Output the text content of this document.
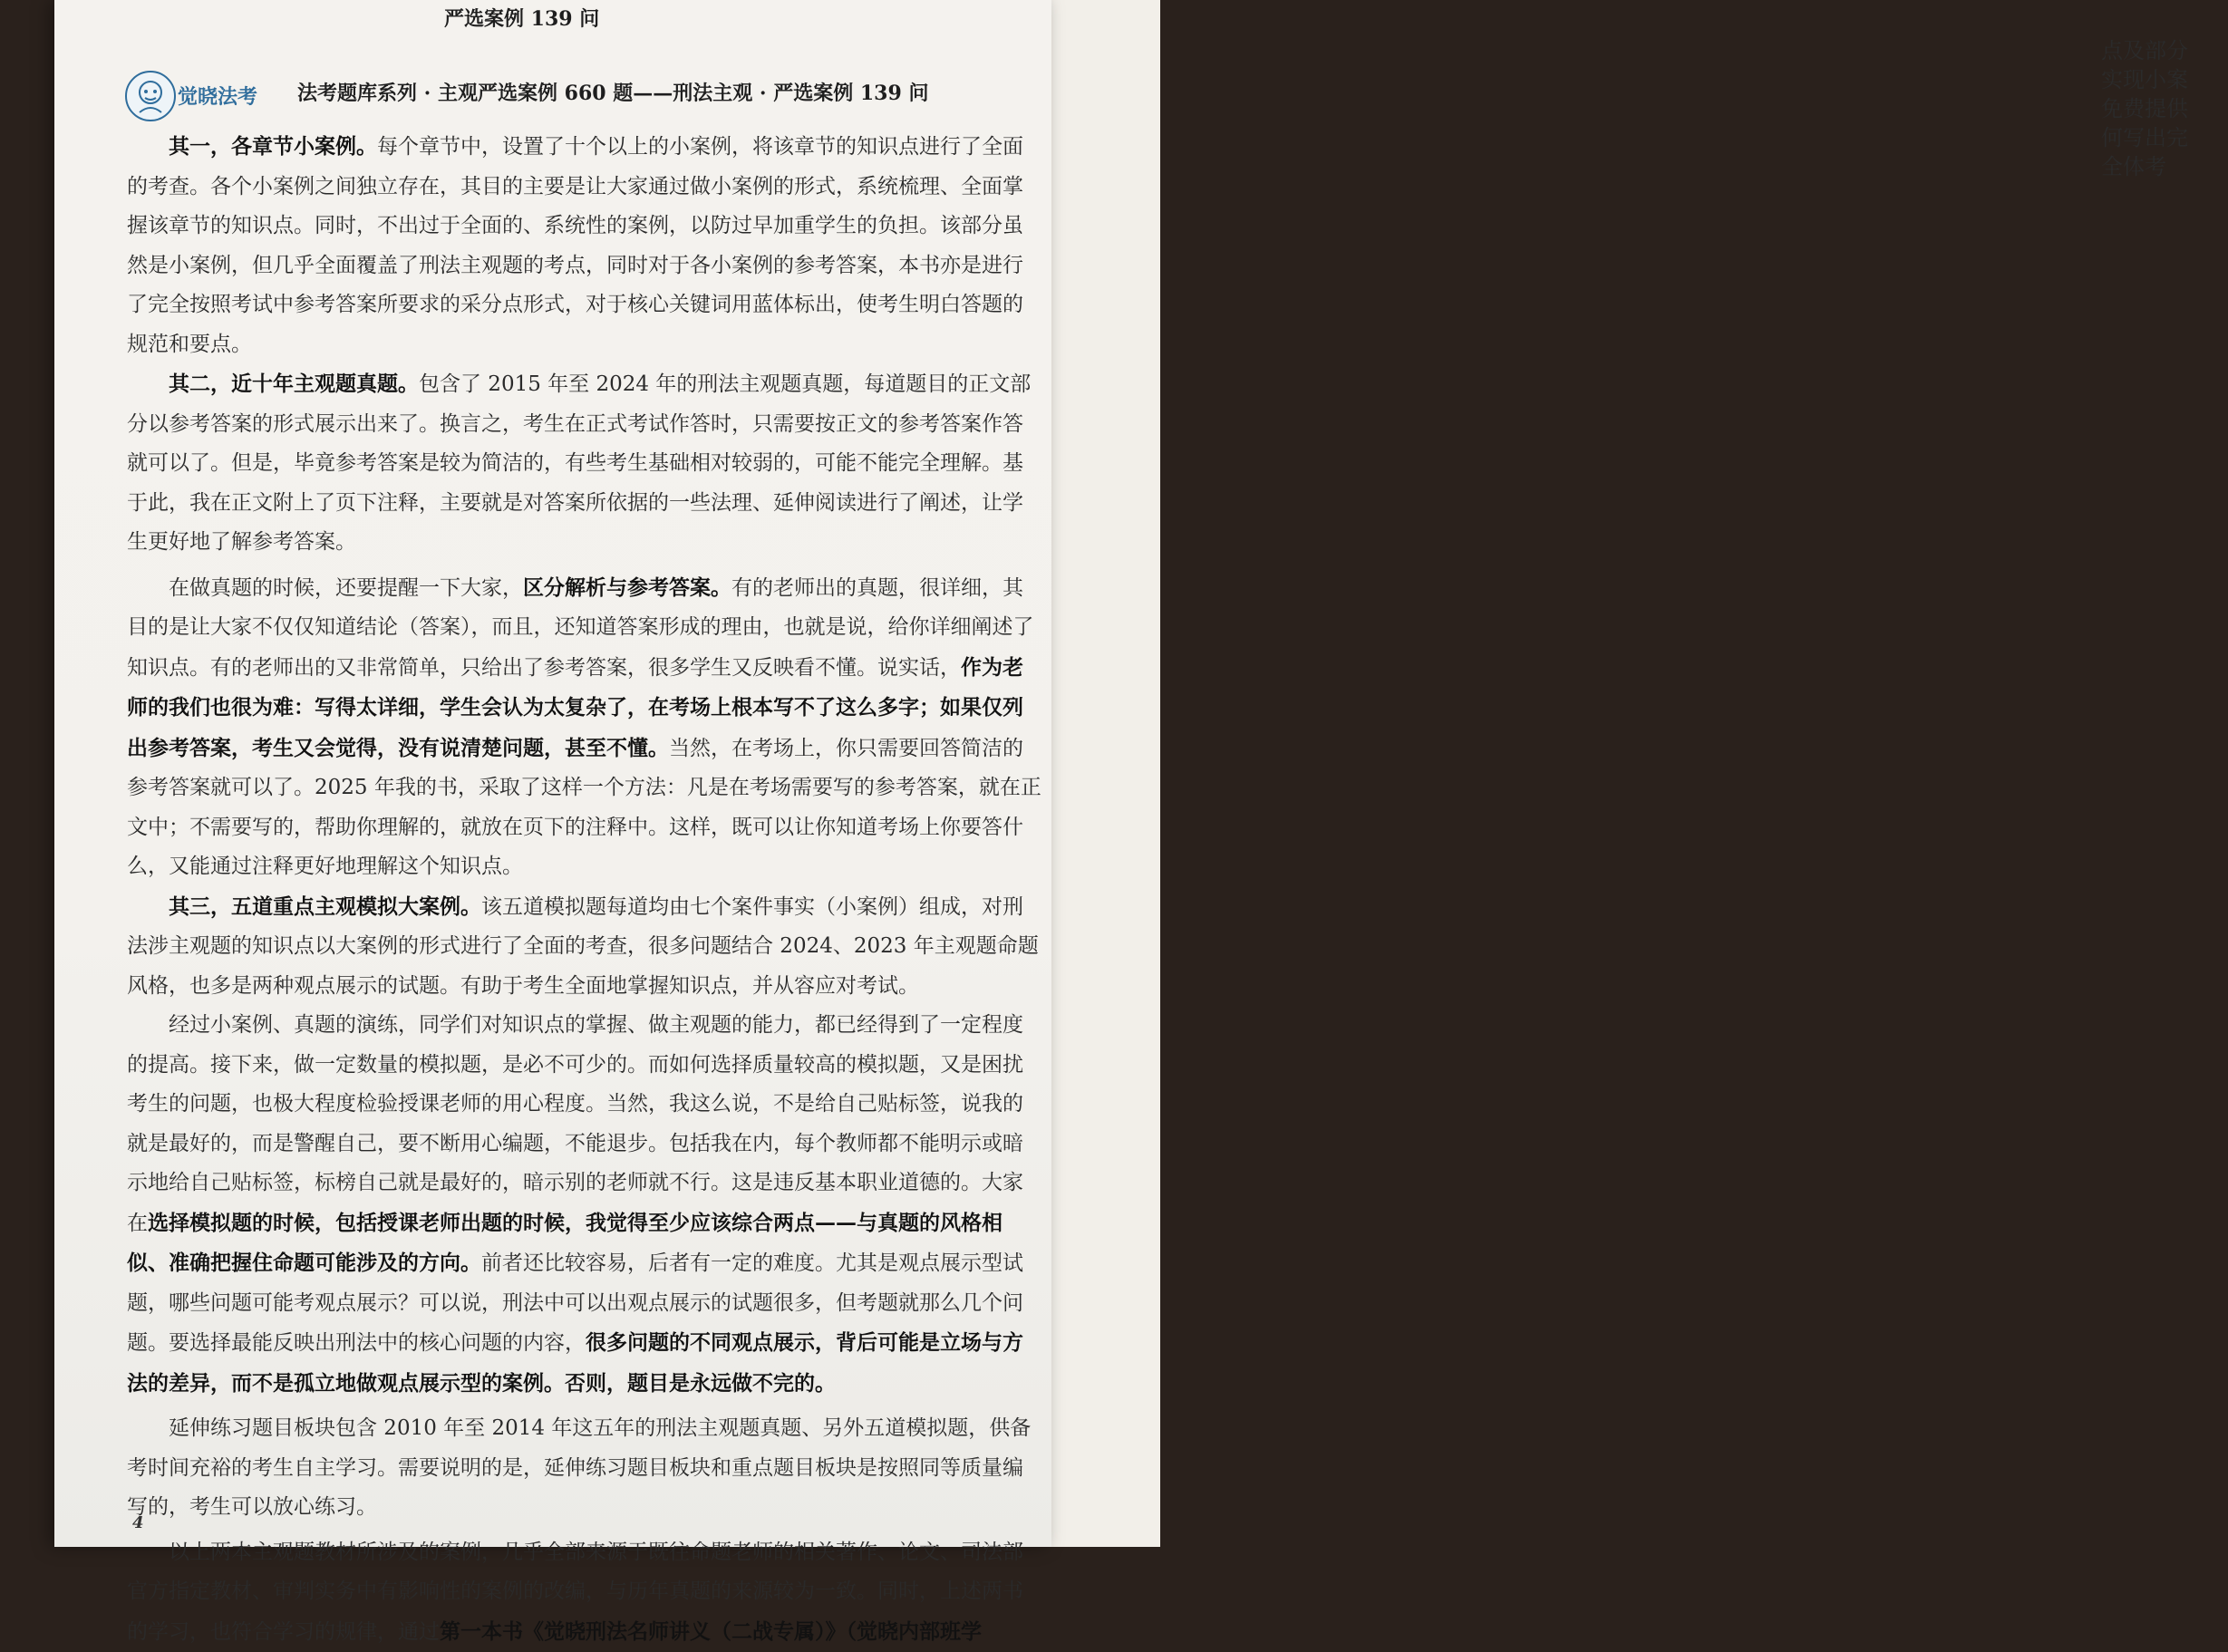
点及部分
实现小案
免费提供
何写出完
全体考
严选案例 139 问
觉晓法考 法考题库系列 · 主观严选案例 660 题——刑法主观 · 严选案例 139 问

其一，各章节小案例。每个章节中，设置了十个以上的小案例，将该章节的知识点进行了全面的考查。各个小案例之间独立存在，其目的主要是让大家通过做小案例的形式，系统梳理、全面掌握该章节的知识点。同时，不出过于全面的、系统性的案例，以防过早加重学生的负担。该部分虽然是小案例，但几乎全面覆盖了刑法主观题的考点，同时对于各小案例的参考答案，本书亦是进行了完全按照考试中参考答案所要求的采分点形式，对于核心关键词用蓝体标出，使考生明白答题的规范和要点。

其二，近十年主观题真题。包含了 2015 年至 2024 年的刑法主观题真题，每道题目的正文部分以参考答案的形式展示出来了。换言之，考生在正式考试作答时，只需要按正文的参考答案作答就可以了。但是，毕竟参考答案是较为简洁的，有些考生基础相对较弱的，可能不能完全理解。基于此，我在正文附上了页下注释，主要就是对答案所依据的一些法理、延伸阅读进行了阐述，让学生更好地了解参考答案。

在做真题的时候，还要提醒一下大家，区分解析与参考答案。有的老师出的真题，很详细，其目的是让大家不仅仅知道结论（答案），而且，还知道答案形成的理由，也就是说，给你详细阐述了知识点。有的老师出的又非常简单，只给出了参考答案，很多学生又反映看不懂。说实话，作为老师的我们也很为难：写得太详细，学生会认为太复杂了，在考场上根本写不了这么多字；如果仅列出参考答案，考生又会觉得，没有说清楚问题，甚至不懂。当然，在考场上，你只需要回答简洁的参考答案就可以了。2025 年我的书，采取了这样一个方法：凡是在考场需要写的参考答案，就在正文中；不需要写的，帮助你理解的，就放在页下的注释中。这样，既可以让你知道考场上你要答什么，又能通过注释更好地理解这个知识点。

其三，五道重点主观模拟大案例。该五道模拟题每道均由七个案件事实（小案例）组成，对刑法涉主观题的知识点以大案例的形式进行了全面的考查，很多问题结合 2024、2023 年主观题命题风格，也多是两种观点展示的试题。有助于考生全面地掌握知识点，并从容应对考试。

经过小案例、真题的演练，同学们对知识点的掌握、做主观题的能力，都已经得到了一定程度的提高。接下来，做一定数量的模拟题，是必不可少的。而如何选择质量较高的模拟题，又是困扰考生的问题，也极大程度检验授课老师的用心程度。当然，我这么说，不是给自己贴标签，说我的就是最好的，而是警醒自己，要不断用心编题，不能退步。包括我在内，每个教师都不能明示或暗示地给自己贴标签，标榜自己就是最好的，暗示别的老师就不行。这是违反基本职业道德的。大家在选择模拟题的时候，包括授课老师出题的时候，我觉得至少应该综合两点——与真题的风格相似、准确把握住命题可能涉及的方向。前者还比较容易，后者有一定的难度。尤其是观点展示型试题，哪些问题可能考观点展示？可以说，刑法中可以出观点展示的试题很多，但考题就那么几个问题。要选择最能反映出刑法中的核心问题的内容，很多问题的不同观点展示，背后可能是立场与方法的差异，而不是孤立地做观点展示型的案例。否则，题目是永远做不完的。

延伸练习题目板块包含 2010 年至 2014 年这五年的刑法主观题真题、另外五道模拟题，供备考时间充裕的考生自主学习。需要说明的是，延伸练习题目板块和重点题目板块是按照同等质量编写的，考生可以放心练习。

以上两本主观题教材所涉及的案例，几乎全部来源于既往命题老师的相关著作、论文、司法部官方指定教材、审判实务中有影响性的案例的改编，与历年真题的来源较为一致。同时，上述两书的学习，也符合学习的规律，通过第一本书《觉晓刑法名师讲义（二战专属）》（觉晓内部班学

4
